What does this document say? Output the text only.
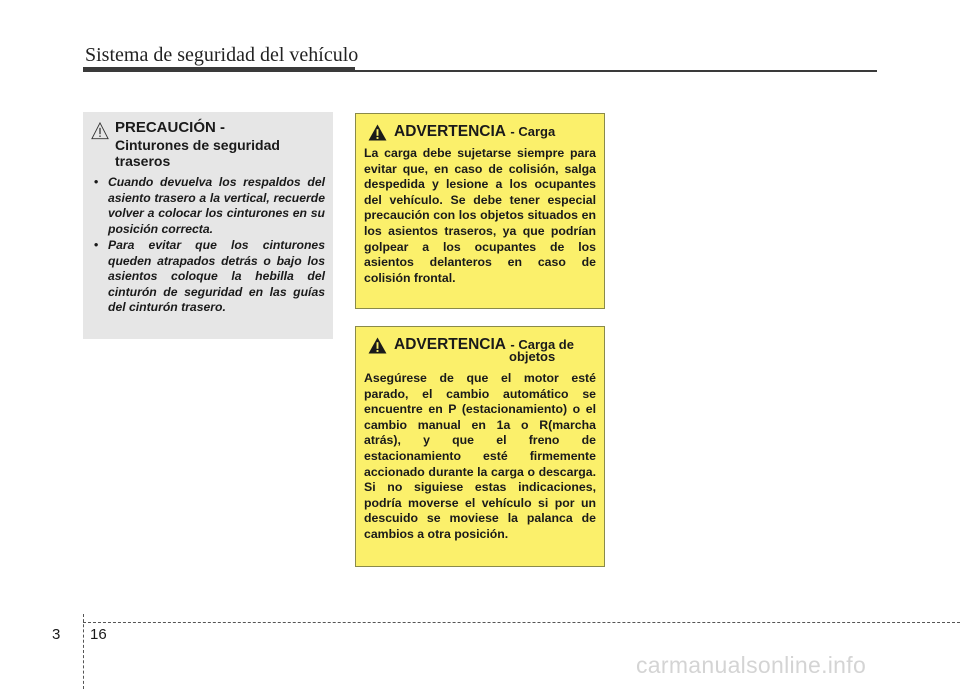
Sistema de seguridad del vehículo
PRECAUCIÓN -
Cinturones de seguridad
traseros
• Cuando devuelva los respaldos del asiento trasero a la vertical, recuerde volver a colocar los cinturones en su posición correcta.
• Para evitar que los cinturones queden atrapados detrás o bajo los asientos coloque la hebilla del cinturón de seguridad en las guías del cinturón trasero.
ADVERTENCIA - Carga
La carga debe sujetarse siempre para evitar que, en caso de colisión, salga despedida y lesione a los ocupantes del vehículo. Se debe tener especial precaución con los objetos situados en los asientos traseros, ya que podrían golpear a los ocupantes de los asientos delanteros en caso de colisión frontal.
ADVERTENCIA - Carga de
objetos
Asegúrese de que el motor esté parado, el cambio automático se encuentre en P (estacionamiento) o el cambio manual en 1a o R(marcha atrás), y que el freno de estacionamiento esté firmemente accionado durante la carga o descarga. Si no siguiese estas indicaciones, podría moverse el vehículo si por un descuido se moviese la palanca de cambios a otra posición.
3 16
carmanualsonline.info
